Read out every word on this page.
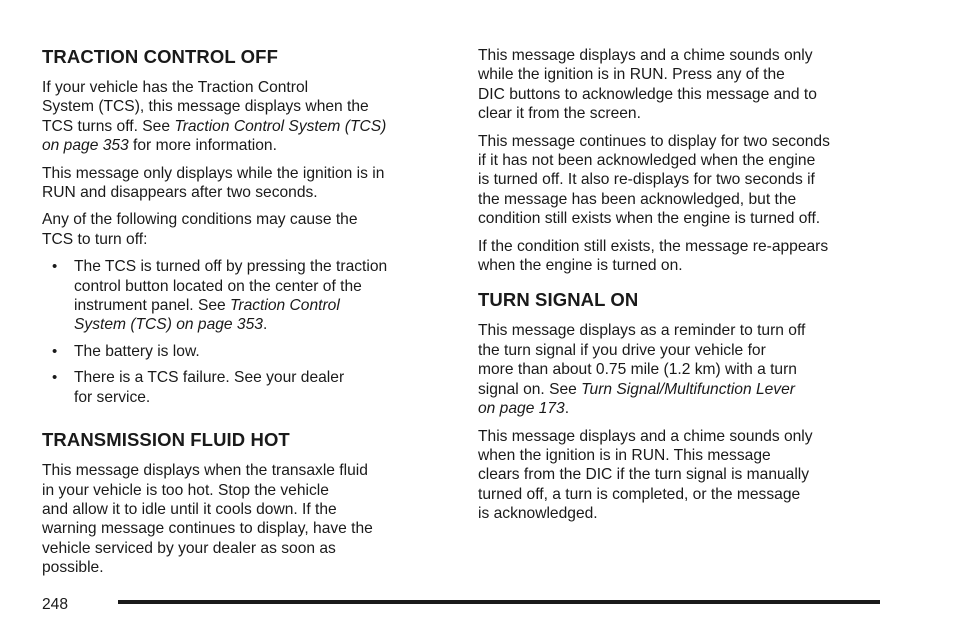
TRACTION CONTROL OFF

If your vehicle has the Traction Control
System (TCS), this message displays when the
TCS turns off. See Traction Control System (TCS)
on page 353 for more information.

This message only displays while the ignition is in
RUN and disappears after two seconds.

Any of the following conditions may cause the
TCS to turn off:

• The TCS is turned off by pressing the traction
control button located on the center of the
instrument panel. See Traction Control
System (TCS) on page 353.
• The battery is low.
• There is a TCS failure. See your dealer
for service.
TRANSMISSION FLUID HOT

This message displays when the transaxle fluid
in your vehicle is too hot. Stop the vehicle
and allow it to idle until it cools down. If the
warning message continues to display, have the
vehicle serviced by your dealer as soon as
possible.

This message displays and a chime sounds only
while the ignition is in RUN. Press any of the
DIC buttons to acknowledge this message and to
clear it from the screen.

This message continues to display for two seconds
if it has not been acknowledged when the engine
is turned off. It also re-displays for two seconds if
the message has been acknowledged, but the
condition still exists when the engine is turned off.

If the condition still exists, the message re-appears
when the engine is turned on.

TURN SIGNAL ON

This message displays as a reminder to turn off
the turn signal if you drive your vehicle for
more than about 0.75 mile (1.2 km) with a turn
signal on. See Turn Signal/Multifunction Lever
on page 173.

This message displays and a chime sounds only
when the ignition is in RUN. This message
clears from the DIC if the turn signal is manually
turned off, a turn is completed, or the message
is acknowledged.

248
